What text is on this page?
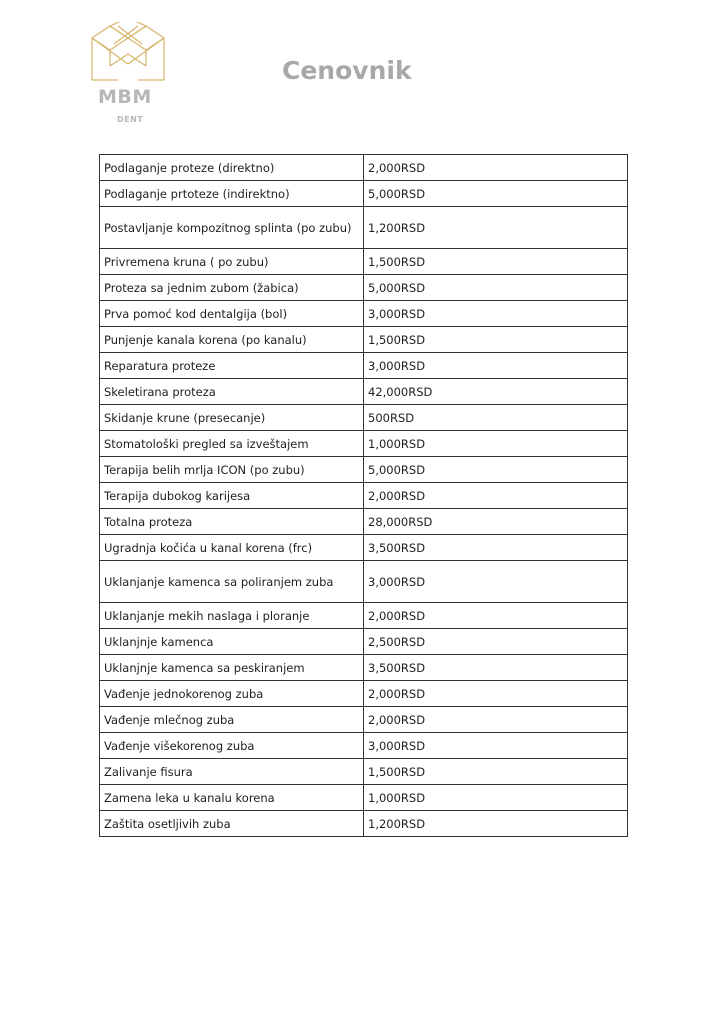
MBM
DENT
Cenovnik
Podlaganje proteze (direktno)	2,000RSD
Podlaganje prtoteze (indirektno)	5,000RSD
Postavljanje kompozitnog splinta (po zubu)	1,200RSD
Privremena kruna ( po zubu)	1,500RSD
Proteza sa jednim zubom (žabica)	5,000RSD
Prva pomoć kod dentalgija (bol)	3,000RSD
Punjenje kanala korena (po kanalu)	1,500RSD
Reparatura proteze	3,000RSD
Skeletirana proteza	42,000RSD
Skidanje krune (presecanje)	500RSD
Stomatološki pregled sa izveštajem	1,000RSD
Terapija belih mrlja ICON (po zubu)	5,000RSD
Terapija dubokog karijesa	2,000RSD
Totalna proteza	28,000RSD
Ugradnja kočića u kanal korena (frc)	3,500RSD
Uklanjanje kamenca sa poliranjem zuba	3,000RSD
Uklanjanje mekih naslaga i ploranje	2,000RSD
Uklanjnje kamenca	2,500RSD
Uklanjnje kamenca sa peskiranjem	3,500RSD
Vađenje jednokorenog zuba	2,000RSD
Vađenje mlečnog zuba	2,000RSD
Vađenje višekorenog zuba	3,000RSD
Zalivanje fisura	1,500RSD
Zamena leka u kanalu korena	1,000RSD
Zaštita osetljivih zuba	1,200RSD
